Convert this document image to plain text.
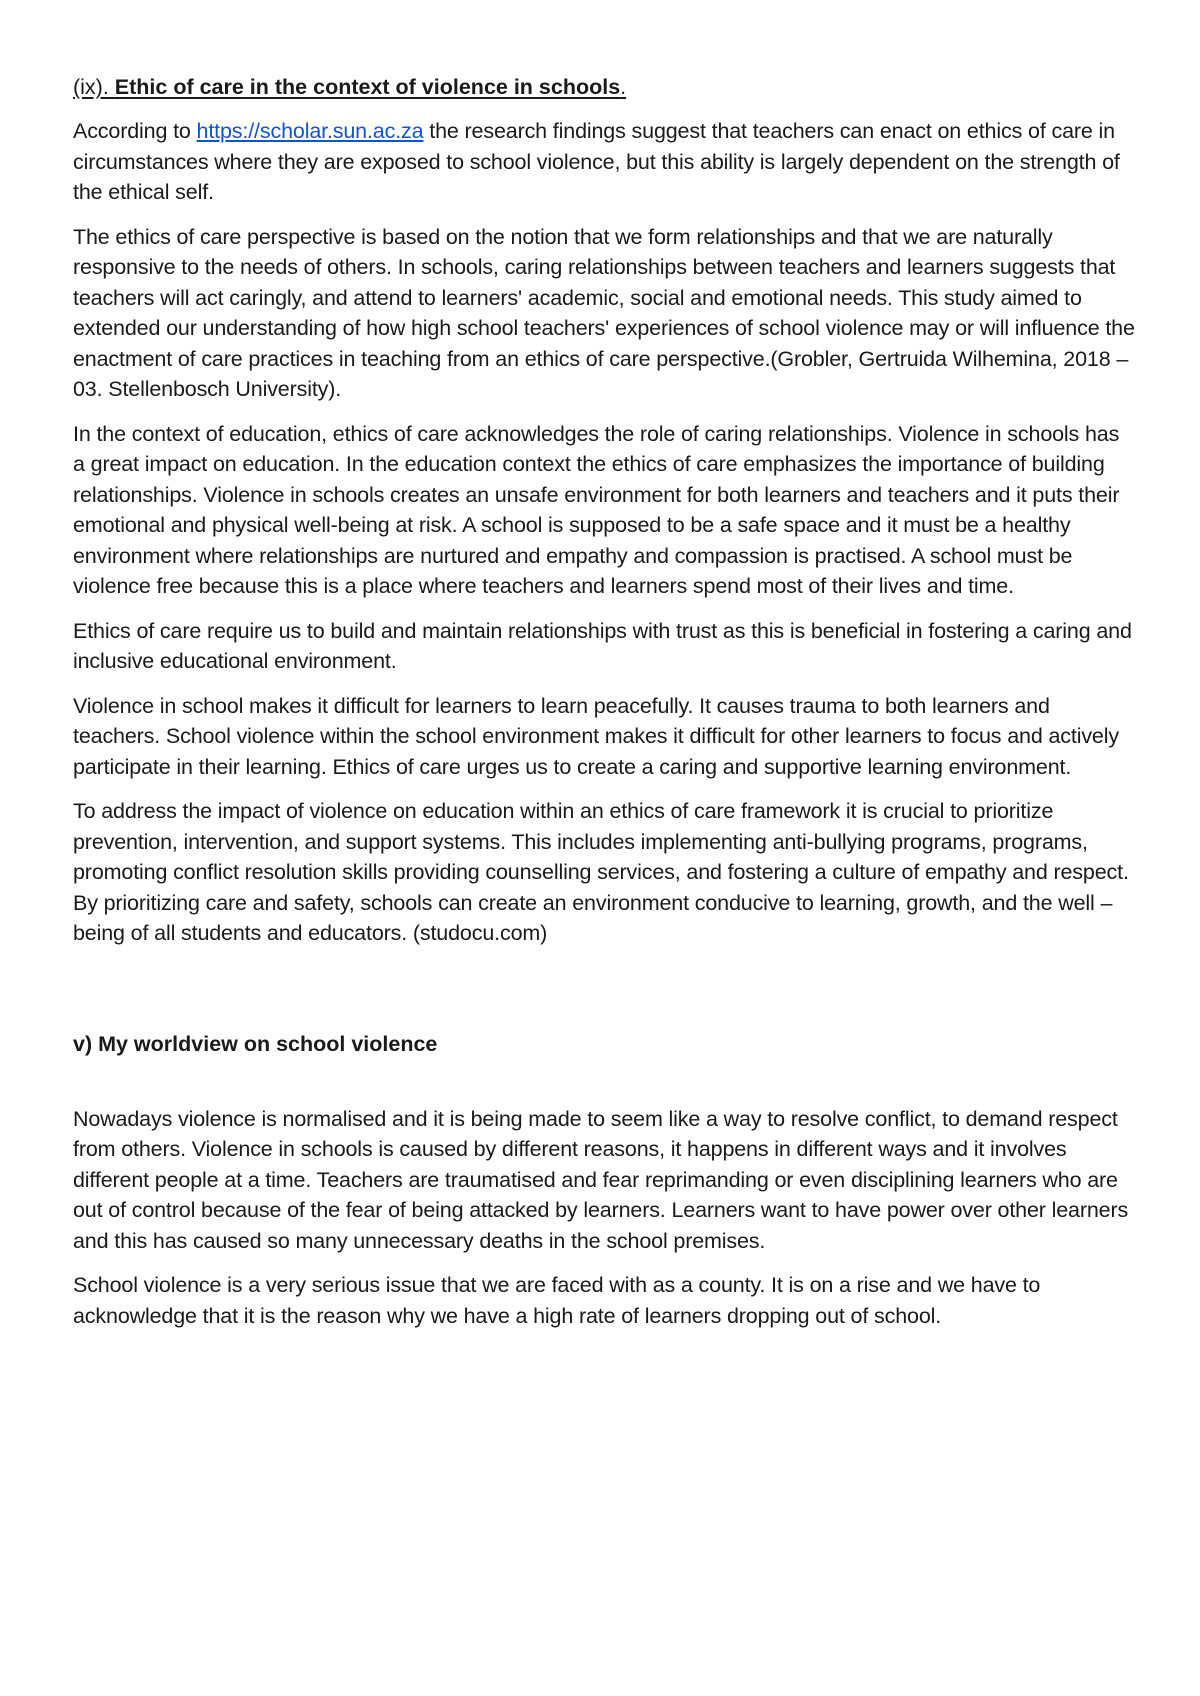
(ix). Ethic of care in the context of violence in schools.

According to https://scholar.sun.ac.za the research findings suggest that teachers can enact on ethics of care in circumstances where they are exposed to school violence, but this ability is largely dependent on the strength of the ethical self.

The ethics of care perspective is based on the notion that we form relationships and that we are naturally responsive to the needs of others. In schools, caring relationships between teachers and learners suggests that teachers will act caringly, and attend to learners' academic, social and emotional needs. This study aimed to extended our understanding of how high school teachers' experiences of school violence may or will influence the enactment of care practices in teaching from an ethics of care perspective.(Grobler, Gertruida Wilhemina, 2018 – 03. Stellenbosch University).

In the context of education, ethics of care acknowledges the role of caring relationships. Violence in schools has a great impact on education. In the education context the ethics of care emphasizes the importance of building relationships. Violence in schools creates an unsafe environment for both learners and teachers and it puts their emotional and physical well-being at risk. A school is supposed to be a safe space and it must be a healthy environment where relationships are nurtured and empathy and compassion is practised. A school must be violence free because this is a place where teachers and learners spend most of their lives and time.

Ethics of care require us to build and maintain relationships with trust as this is beneficial in fostering a caring and inclusive educational environment.

Violence in school makes it difficult for learners to learn peacefully. It causes trauma to both learners and teachers. School violence within the school environment makes it difficult for other learners to focus and actively participate in their learning. Ethics of care urges us to create a caring and supportive learning environment.

To address the impact of violence on education within an ethics of care framework it is crucial to prioritize prevention, intervention, and support systems. This includes implementing anti-bullying programs, programs, promoting conflict resolution skills providing counselling services, and fostering a culture of empathy and respect. By prioritizing care and safety, schools can create an environment conducive to learning, growth, and the well –being of all students and educators. (studocu.com)

v) My worldview on school violence

Nowadays violence is normalised and it is being made to seem like a way to resolve conflict, to demand respect from others. Violence in schools is caused by different reasons, it happens in different ways and it involves different people at a time. Teachers are traumatised and fear reprimanding or even disciplining learners who are out of control because of the fear of being attacked by learners. Learners want to have power over other learners and this has caused so many unnecessary deaths in the school premises.

School violence is a very serious issue that we are faced with as a county. It is on a rise and we have to acknowledge that it is the reason why we have a high rate of learners dropping out of school.
